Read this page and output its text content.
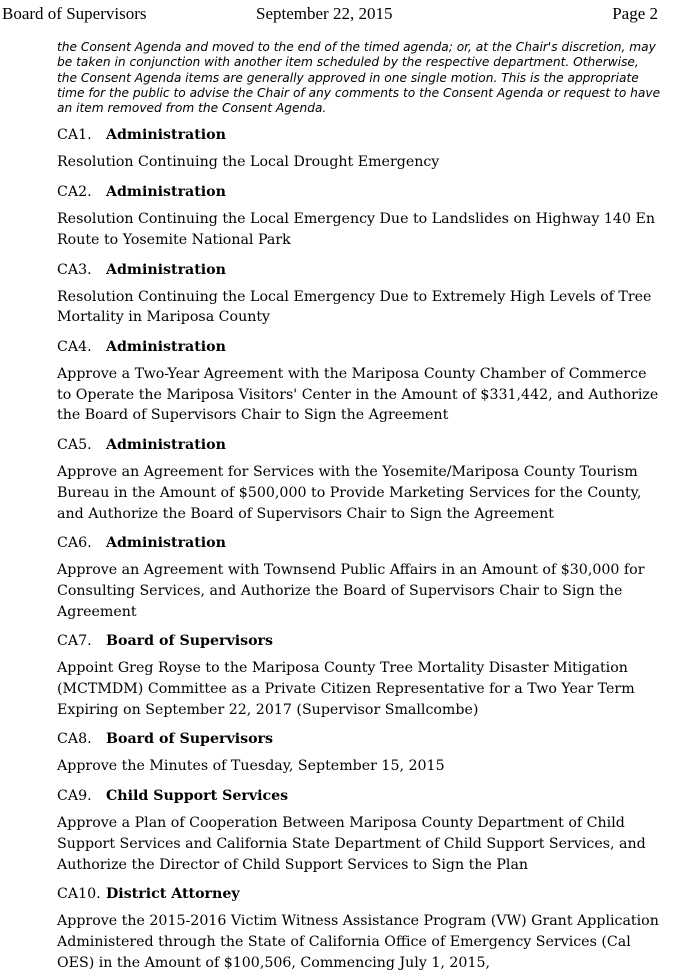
Board of Supervisors	September 22, 2015	Page 2

the Consent Agenda and moved to the end of the timed agenda; or, at the Chair's discretion, may be taken in conjunction with another item scheduled by the respective department. Otherwise, the Consent Agenda items are generally approved in one single motion. This is the appropriate time for the public to advise the Chair of any comments to the Consent Agenda or request to have an item removed from the Consent Agenda.

CA1. Administration
Resolution Continuing the Local Drought Emergency
CA2. Administration
Resolution Continuing the Local Emergency Due to Landslides on Highway 140 En Route to Yosemite National Park
CA3. Administration
Resolution Continuing the Local Emergency Due to Extremely High Levels of Tree Mortality in Mariposa County
CA4. Administration
Approve a Two-Year Agreement with the Mariposa County Chamber of Commerce to Operate the Mariposa Visitors' Center in the Amount of $331,442, and Authorize the Board of Supervisors Chair to Sign the Agreement
CA5. Administration
Approve an Agreement for Services with the Yosemite/Mariposa County Tourism Bureau in the Amount of $500,000 to Provide Marketing Services for the County, and Authorize the Board of Supervisors Chair to Sign the Agreement
CA6. Administration
Approve an Agreement with Townsend Public Affairs in an Amount of $30,000 for Consulting Services, and Authorize the Board of Supervisors Chair to Sign the Agreement
CA7. Board of Supervisors
Appoint Greg Royse to the Mariposa County Tree Mortality Disaster Mitigation (MCTMDM) Committee as a Private Citizen Representative for a Two Year Term Expiring on September 22, 2017 (Supervisor Smallcombe)
CA8. Board of Supervisors
Approve the Minutes of Tuesday, September 15, 2015
CA9. Child Support Services
Approve a Plan of Cooperation Between Mariposa County Department of Child Support Services and California State Department of Child Support Services, and Authorize the Director of Child Support Services to Sign the Plan
CA10. District Attorney
Approve the 2015-2016 Victim Witness Assistance Program (VW) Grant Application Administered through the State of California Office of Emergency Services (Cal OES) in the Amount of $100,506, Commencing July 1, 2015,
